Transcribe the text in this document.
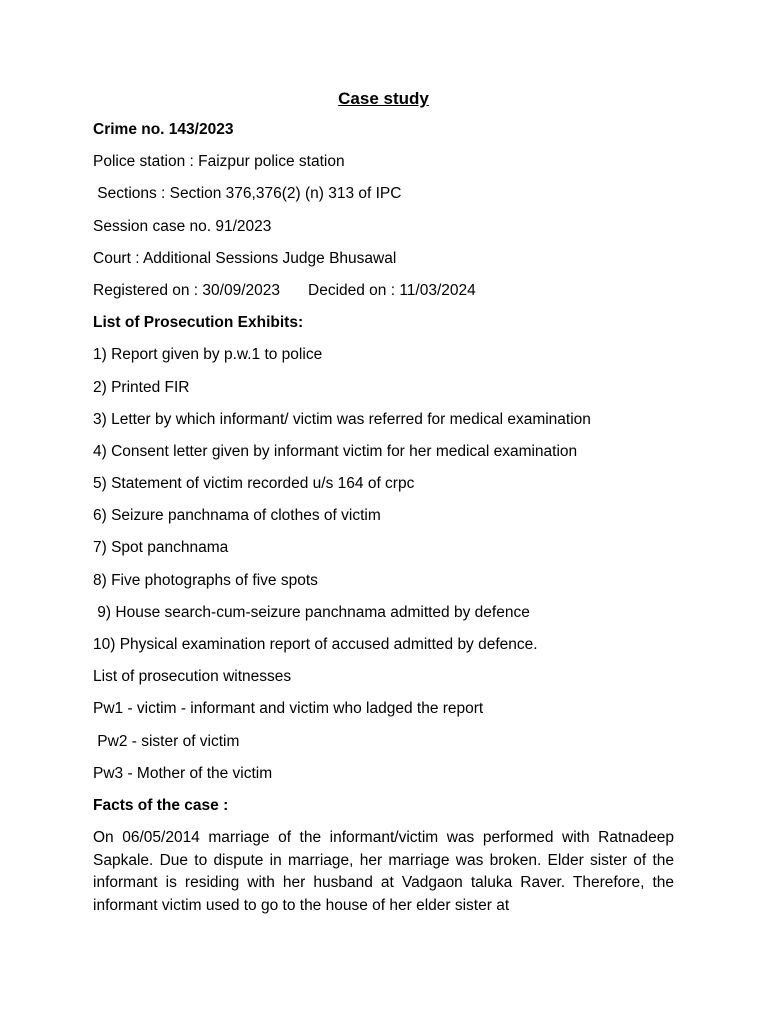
Case study
Crime no. 143/2023
Police station : Faizpur police station
Sections : Section 376,376(2) (n) 313 of IPC
Session case no. 91/2023
Court : Additional Sessions Judge Bhusawal
Registered on : 30/09/2023 Decided on : 11/03/2024
List of Prosecution Exhibits:
1) Report given by p.w.1 to police
2) Printed FIR
3) Letter by which informant/ victim was referred for medical examination
4) Consent letter given by informant victim for her medical examination
5) Statement of victim recorded u/s 164 of crpc
6) Seizure panchnama of clothes of victim
7) Spot panchnama
8) Five photographs of five spots
9) House search-cum-seizure panchnama admitted by defence
10) Physical examination report of accused admitted by defence.
List of prosecution witnesses
Pw1 - victim - informant and victim who ladged the report
Pw2 - sister of victim
Pw3 - Mother of the victim
Facts of the case :

On 06/05/2014 marriage of the informant/victim was performed with Ratnadeep Sapkale. Due to dispute in marriage, her marriage was broken. Elder sister of the informant is residing with her husband at Vadgaon taluka Raver. Therefore, the informant victim used to go to the house of her elder sister at
